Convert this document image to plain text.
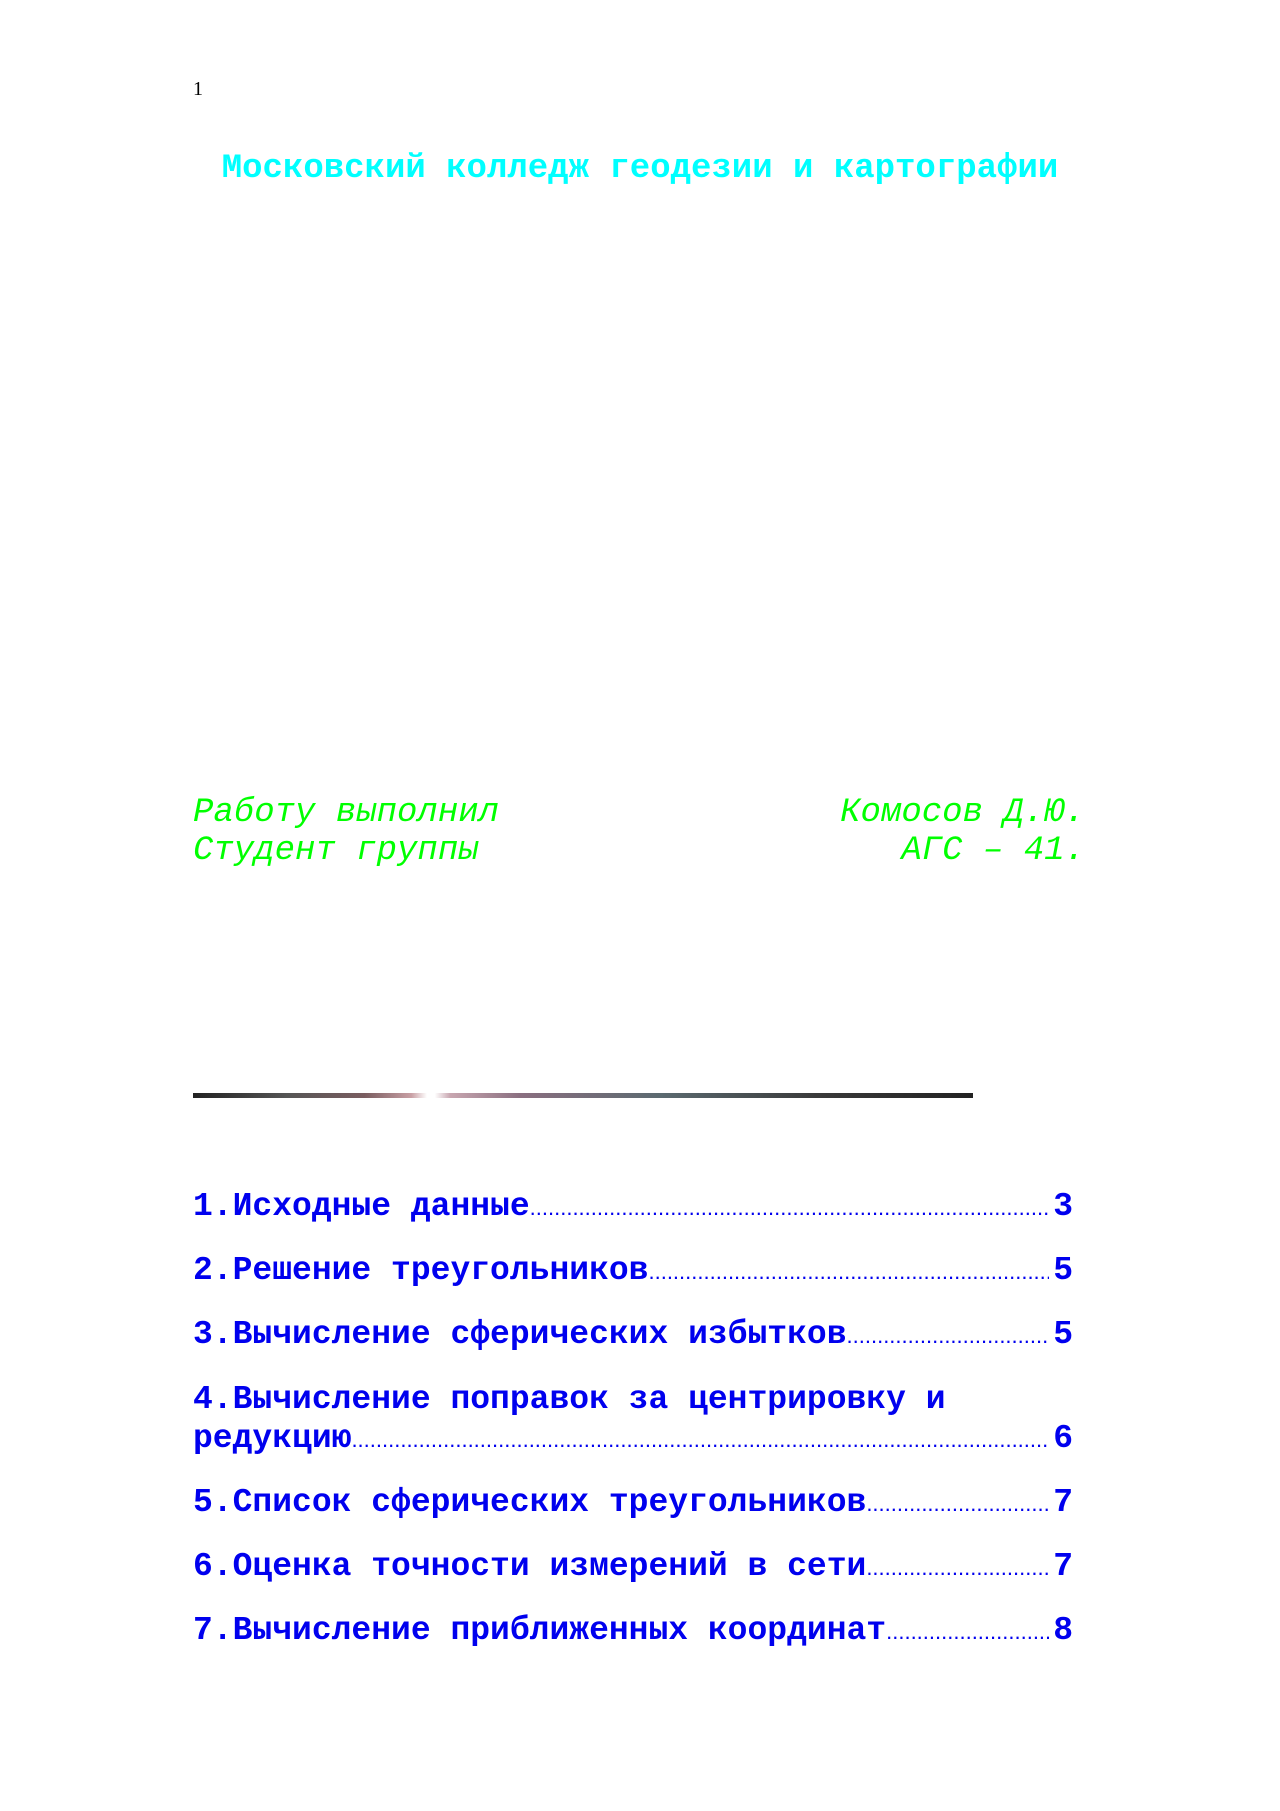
1
Московский колледж геодезии и картографии
Работу выполнил	Комосов Д.Ю.
Студент группы	АГС – 41.
1.Исходные данные .....	3
2.Решение треугольников .....	5
3.Вычисление сферических избытков .....	5
4.Вычисление поправок за центрировку и
редукцию .....	6
5.Список сферических треугольников .....	7
6.Оценка точности измерений в сети .....	7
7.Вычисление приближенных координат .....	8
